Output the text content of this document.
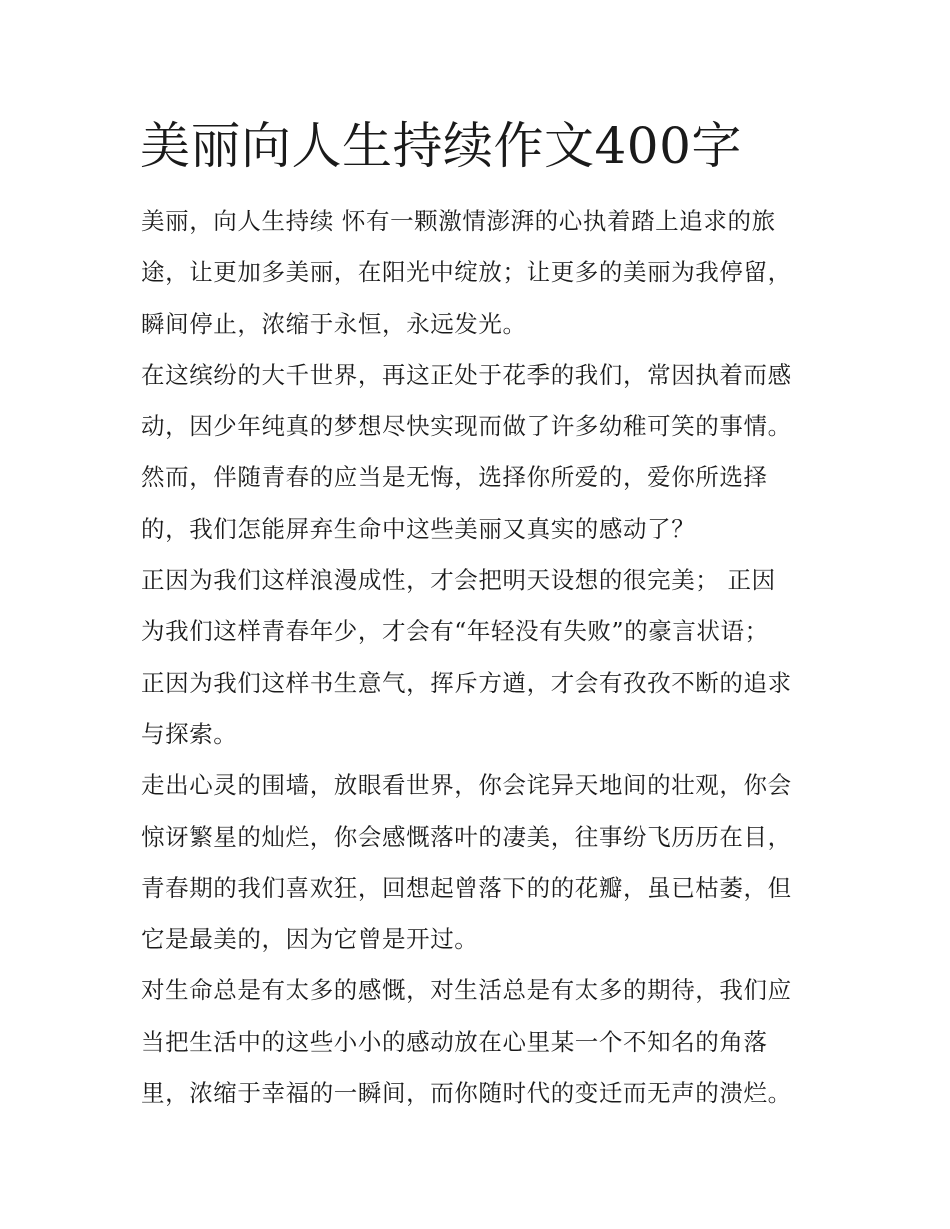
美丽向人生持续作文400字

美丽，向人生持续 怀有一颗激情澎湃的心执着踏上追求的旅
途，让更加多美丽，在阳光中绽放；让更多的美丽为我停留，
瞬间停止，浓缩于永恒，永远发光。

在这缤纷的大千世界，再这正处于花季的我们，常因执着而感
动，因少年纯真的梦想尽快实现而做了许多幼稚可笑的事情。
然而，伴随青春的应当是无悔，选择你所爱的，爱你所选择
的，我们怎能屏弃生命中这些美丽又真实的感动了？

正因为我们这样浪漫成性，才会把明天设想的很完美； 正因
为我们这样青春年少，才会有“年轻没有失败”的豪言状语；

正因为我们这样书生意气，挥斥方遒，才会有孜孜不断的追求
与探索。

走出心灵的围墙，放眼看世界，你会诧异天地间的壮观，你会
惊讶繁星的灿烂，你会感慨落叶的凄美，往事纷飞历历在目，
青春期的我们喜欢狂，回想起曾落下的的花瓣，虽已枯萎，但
它是最美的，因为它曾是开过。

对生命总是有太多的感慨，对生活总是有太多的期待，我们应
当把生活中的这些小小的感动放在心里某一个不知名的角落
里，浓缩于幸福的一瞬间，而你随时代的变迁而无声的溃烂。
